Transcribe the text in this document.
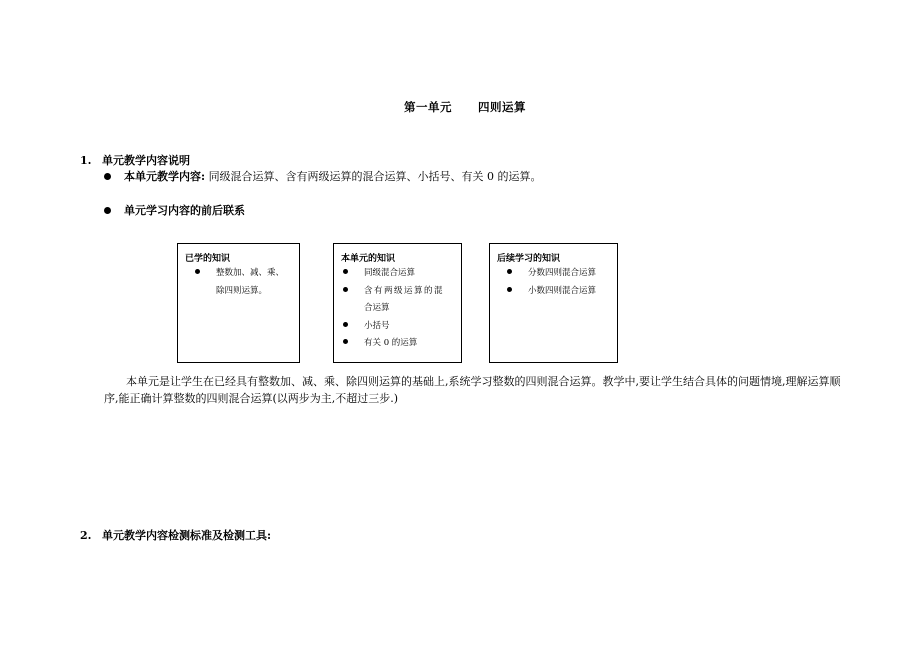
第一单元 四则运算
1. 单元教学内容说明
本单元教学内容: 同级混合运算、含有两级运算的混合运算、小括号、有关 0 的运算。
单元学习内容的前后联系
已学的知识
整数加、减、乘、
除四则运算。
本单元的知识
同级混合运算
含有两级运算的混
合运算
小括号
有关 0 的运算
后续学习的知识
分数四则混合运算
小数四则混合运算
本单元是让学生在已经具有整数加、减、乘、除四则运算的基础上,系统学习整数的四则混合运算。教学中,要让学生结合具体的问题情境,理解运算顺序,能正确计算整数的四则混合运算(以两步为主,不超过三步.)
2. 单元教学内容检测标准及检测工具:
